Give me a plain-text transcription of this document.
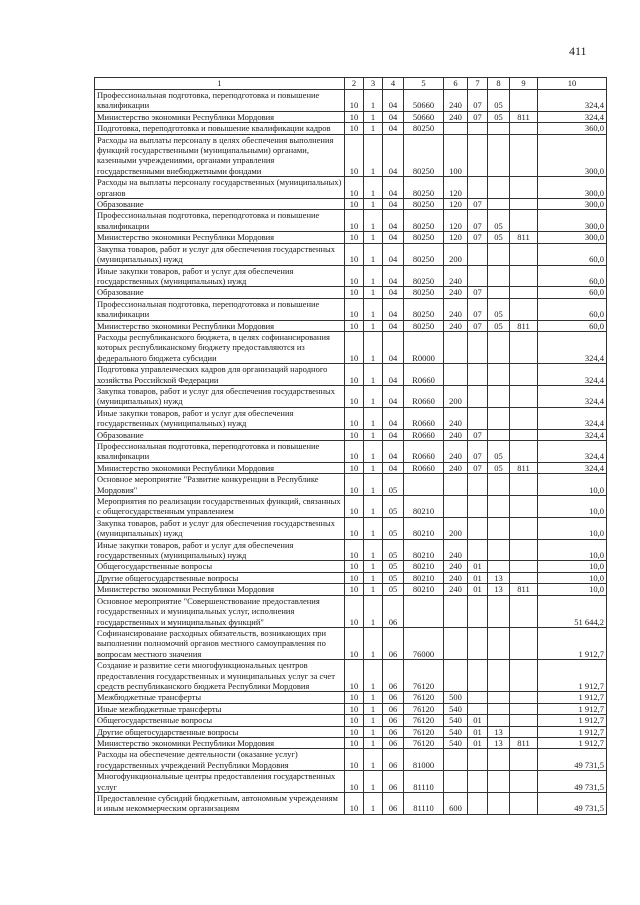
411
1	2	3	4	5	6	7	8	9	10
Профессиональная подготовка, переподготовка и повышение квалификации	10	1	04	50660	240	07	05		324,4
Министерство экономики Республики Мордовия	10	1	04	50660	240	07	05	811	324,4
Подготовка, переподготовка и повышение квалификации кадров	10	1	04	80250					360,0
Расходы на выплаты персоналу в целях обеспечения выполнения функций государственными (муниципальными) органами, казенными учреждениями, органами управления государственными внебюджетными фондами	10	1	04	80250	100				300,0
Расходы на выплаты персоналу государственных (муниципальных) органов	10	1	04	80250	120				300,0
Образование	10	1	04	80250	120	07			300,0
Профессиональная подготовка, переподготовка и повышение квалификации	10	1	04	80250	120	07	05		300,0
Министерство экономики Республики Мордовия	10	1	04	80250	120	07	05	811	300,0
Закупка товаров, работ и услуг для обеспечения государственных (муниципальных) нужд	10	1	04	80250	200				60,0
Иные закупки товаров, работ и услуг для обеспечения государственных (муниципальных) нужд	10	1	04	80250	240				60,0
Образование	10	1	04	80250	240	07			60,0
Профессиональная подготовка, переподготовка и повышение квалификации	10	1	04	80250	240	07	05		60,0
Министерство экономики Республики Мордовия	10	1	04	80250	240	07	05	811	60,0
Расходы республиканского бюджета, в целях софинансирования которых республиканскому бюджету предоставляются из федерального бюджета субсидии	10	1	04	R0000					324,4
Подготовка управленческих кадров для организаций народного хозяйства Российской Федерации	10	1	04	R0660					324,4
Закупка товаров, работ и услуг для обеспечения государственных (муниципальных) нужд	10	1	04	R0660	200				324,4
Иные закупки товаров, работ и услуг для обеспечения государственных (муниципальных) нужд	10	1	04	R0660	240				324,4
Образование	10	1	04	R0660	240	07			324,4
Профессиональная подготовка, переподготовка и повышение квалификации	10	1	04	R0660	240	07	05		324,4
Министерство экономики Республики Мордовия	10	1	04	R0660	240	07	05	811	324,4
Основное мероприятие "Развитие конкуренции в Республике Мордовия"	10	1	05						10,0
Мероприятия по реализации государственных функций, связанных с общегосударственным управлением	10	1	05	80210					10,0
Закупка товаров, работ и услуг для обеспечения государственных (муниципальных) нужд	10	1	05	80210	200				10,0
Иные закупки товаров, работ и услуг для обеспечения государственных (муниципальных) нужд	10	1	05	80210	240				10,0
Общегосударственные вопросы	10	1	05	80210	240	01			10,0
Другие общегосударственные вопросы	10	1	05	80210	240	01	13		10,0
Министерство экономики Республики Мордовия	10	1	05	80210	240	01	13	811	10,0
Основное мероприятие "Совершенствование предоставления государственных и муниципальных услуг, исполнения государственных и муниципальных функций"	10	1	06						51 644,2
Софинансирование расходных обязательств, возникающих при выполнении полномочий органов местного самоуправления по вопросам местного значения	10	1	06	76000					1 912,7
Создание и развитие сети многофункциональных центров предоставления государственных и муниципальных услуг за счет средств республиканского бюджета Республики Мордовия	10	1	06	76120					1 912,7
Межбюджетные трансферты	10	1	06	76120	500				1 912,7
Иные межбюджетные трансферты	10	1	06	76120	540				1 912,7
Общегосударственные вопросы	10	1	06	76120	540	01			1 912,7
Другие общегосударственные вопросы	10	1	06	76120	540	01	13		1 912,7
Министерство экономики Республики Мордовия	10	1	06	76120	540	01	13	811	1 912,7
Расходы на обеспечение деятельности (оказание услуг) государственных учреждений Республики Мордовия	10	1	06	81000					49 731,5
Многофункциональные центры предоставления государственных услуг	10	1	06	81110					49 731,5
Предоставление субсидий бюджетным, автономным учреждениям и иным некоммерческим организациям	10	1	06	81110	600				49 731,5
